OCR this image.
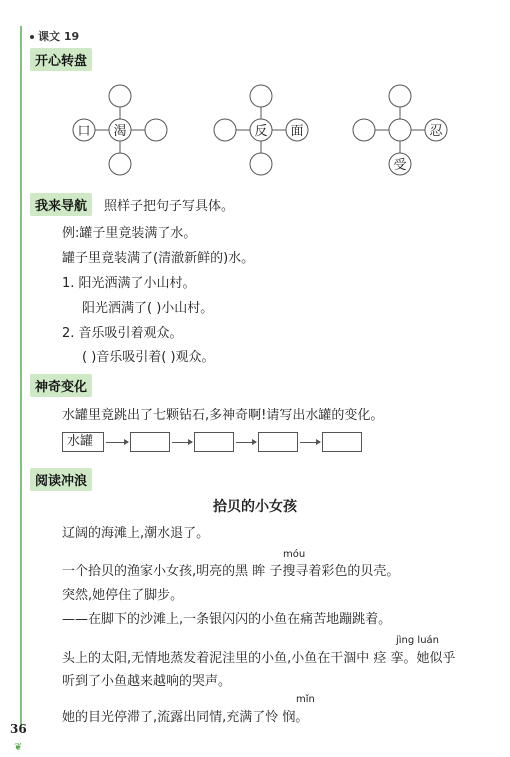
课文 19
开心转盘
口 渴	反 面	忍
受
我来导航	照样子把句子写具体。
例:罐子里竟装满了水。
罐子里竟装满了(清澈新鲜的)水。
1. 阳光洒满了小山村。
阳光洒满了( )小山村。
2. 音乐吸引着观众。
( )音乐吸引着( )观众。
神奇变化
水罐里竟跳出了七颗钻石,多神奇啊!请写出水罐的变化。
水罐
阅读冲浪
拾贝的小女孩
辽阔的海滩上,潮水退了。
móu
一个拾贝的渔家小女孩,明亮的黑 眸 子搜寻着彩色的贝壳。
突然,她停住了脚步。
——在脚下的沙滩上,一条银闪闪的小鱼在痛苦地蹦跳着。
jìng luán
头上的太阳,无情地蒸发着泥洼里的小鱼,小鱼在干涸中 痉 挛。她似乎
听到了小鱼越来越响的哭声。
mǐn
她的目光停滞了,流露出同情,充满了怜 悯。
36
❦
